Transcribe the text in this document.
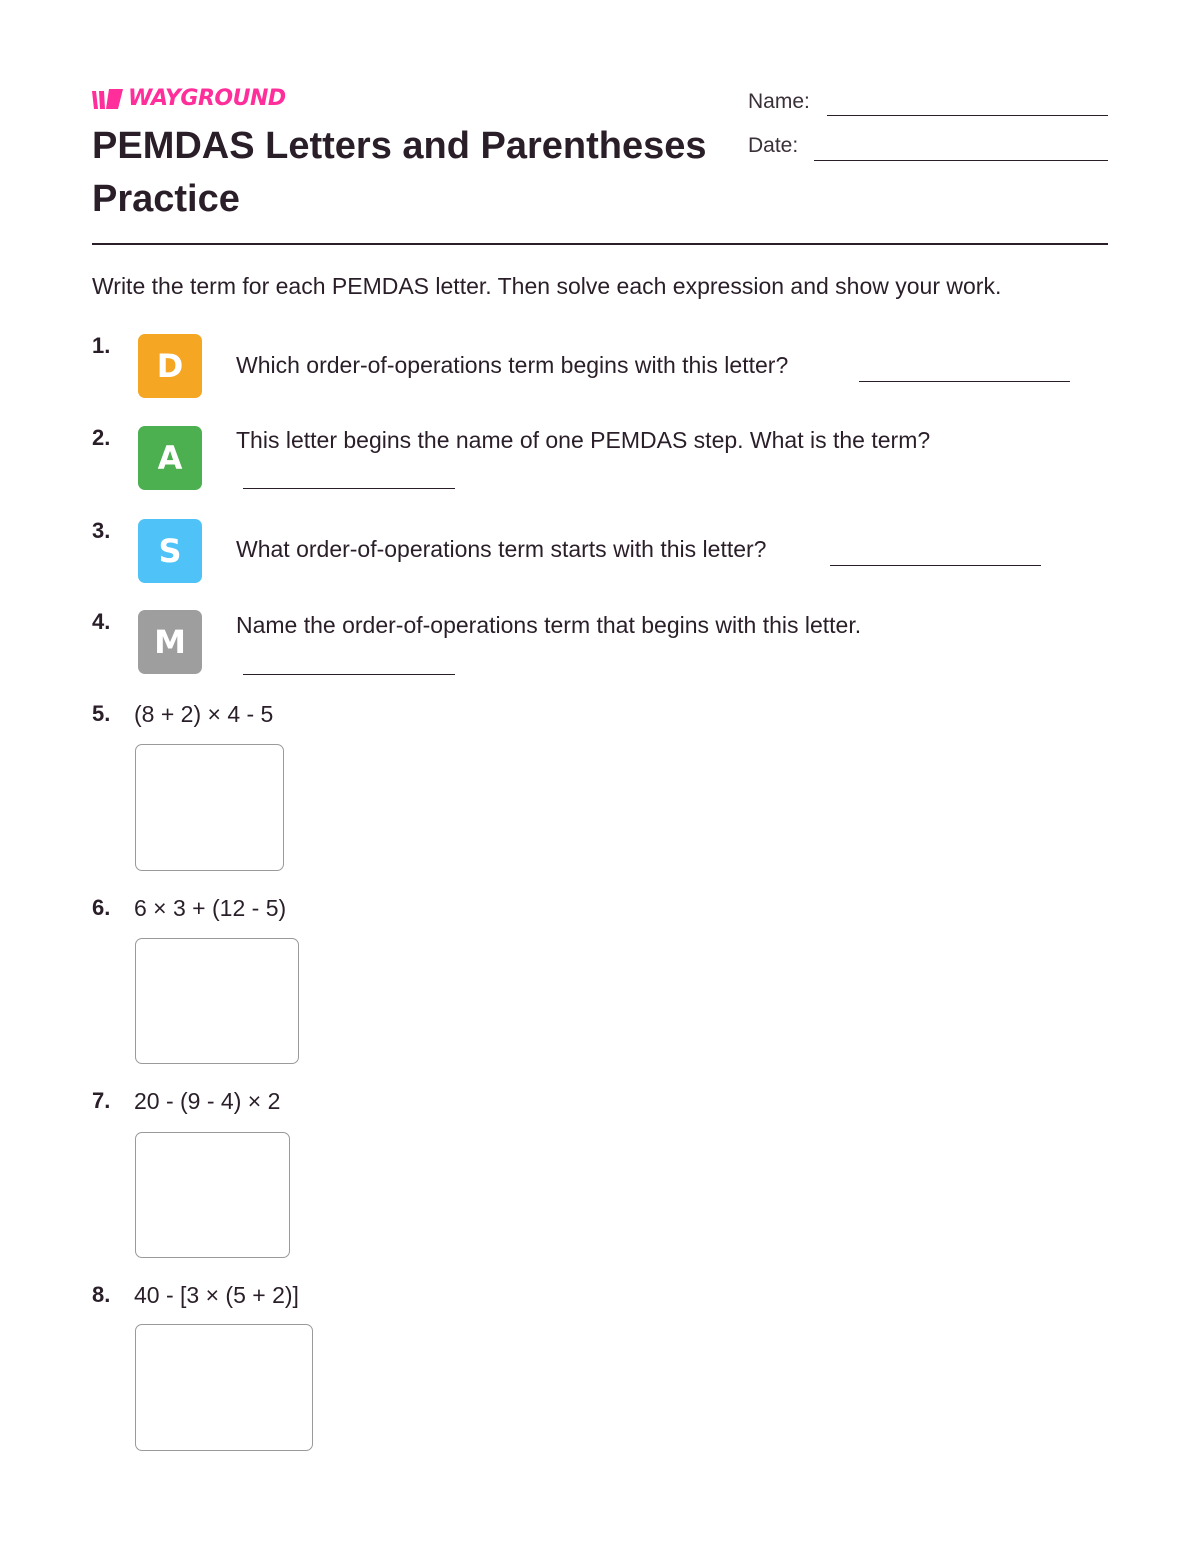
WAYGROUND
PEMDAS Letters and Parentheses Practice
Name:
Date:
Write the term for each PEMDAS letter. Then solve each expression and show your work.
1.
D	Which order-of-operations term begins with this letter?
2.
A	This letter begins the name of one PEMDAS step. What is the term?
3.
S	What order-of-operations term starts with this letter?
4.
M	Name the order-of-operations term that begins with this letter.
5. (8 + 2) × 4 - 5
6. 6 × 3 + (12 - 5)
7. 20 - (9 - 4) × 2
8. 40 - [3 × (5 + 2)]
